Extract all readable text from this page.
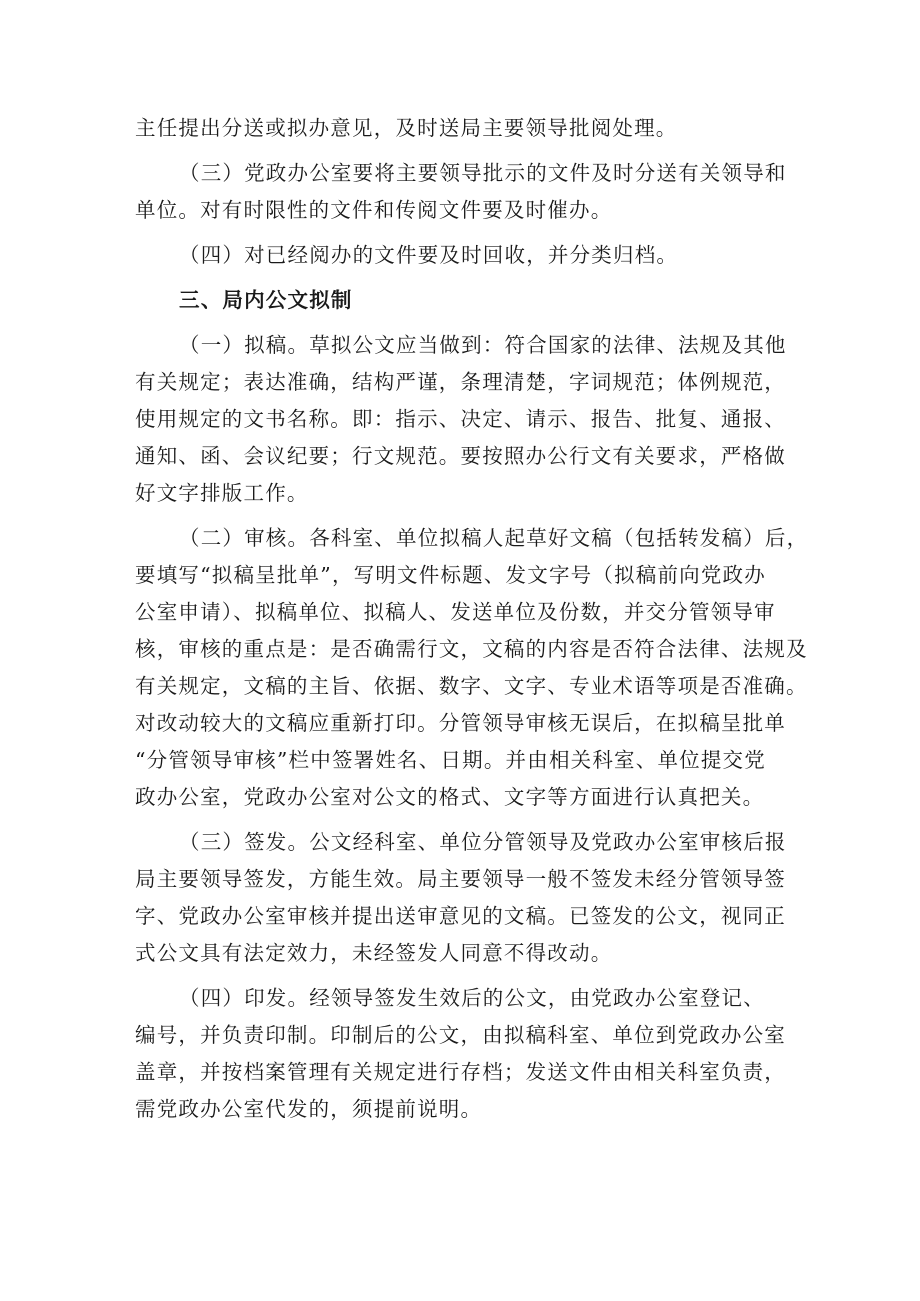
主任提出分送或拟办意见，及时送局主要领导批阅处理。
（三）党政办公室要将主要领导批示的文件及时分送有关领导和
单位。对有时限性的文件和传阅文件要及时催办。
（四）对已经阅办的文件要及时回收，并分类归档。
三、局内公文拟制
（一）拟稿。草拟公文应当做到：符合国家的法律、法规及其他
有关规定；表达准确，结构严谨，条理清楚，字词规范；体例规范，
使用规定的文书名称。即：指示、决定、请示、报告、批复、通报、
通知、函、会议纪要；行文规范。要按照办公行文有关要求，严格做
好文字排版工作。
（二）审核。各科室、单位拟稿人起草好文稿（包括转发稿）后，
要填写“拟稿呈批单”，写明文件标题、发文字号（拟稿前向党政办
公室申请）、拟稿单位、拟稿人、发送单位及份数，并交分管领导审
核，审核的重点是：是否确需行文，文稿的内容是否符合法律、法规及
有关规定，文稿的主旨、依据、数字、文字、专业术语等项是否准确。
对改动较大的文稿应重新打印。分管领导审核无误后，在拟稿呈批单
“分管领导审核”栏中签署姓名、日期。并由相关科室、单位提交党
政办公室，党政办公室对公文的格式、文字等方面进行认真把关。
（三）签发。公文经科室、单位分管领导及党政办公室审核后报
局主要领导签发，方能生效。局主要领导一般不签发未经分管领导签
字、党政办公室审核并提出送审意见的文稿。已签发的公文，视同正
式公文具有法定效力，未经签发人同意不得改动。
（四）印发。经领导签发生效后的公文，由党政办公室登记、
编号，并负责印制。印制后的公文，由拟稿科室、单位到党政办公室
盖章，并按档案管理有关规定进行存档；发送文件由相关科室负责，
需党政办公室代发的，须提前说明。
